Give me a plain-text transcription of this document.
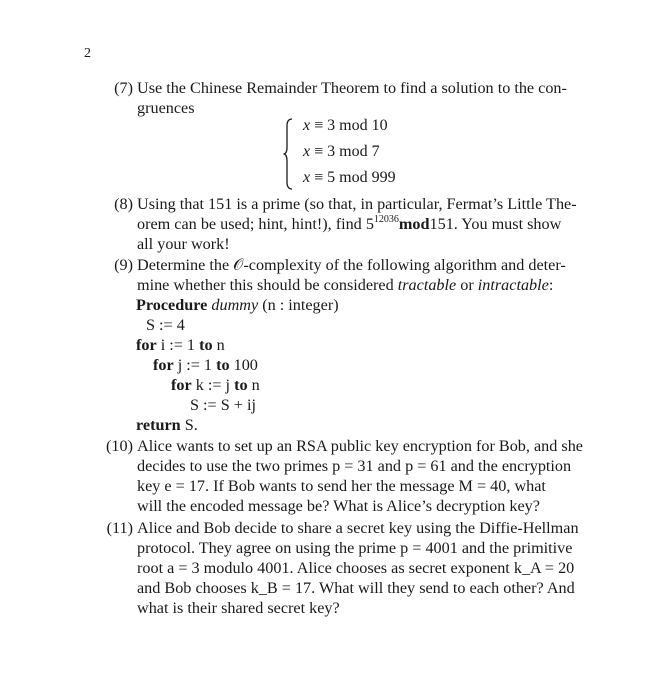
2
(7) Use the Chinese Remainder Theorem to find a solution to the con-
gruences
x ≡ 3 mod 10
x ≡ 3 mod 7
x ≡ 5 mod 999
(8) Using that 151 is a prime (so that, in particular, Fermat’s Little The-
orem can be used; hint, hint!), find $5^{12036}mod151$. You must show
all your work!
(9) Determine the 𝒪-complexity of the following algorithm and deter-
mine whether this should be considered tractable or intractable:
Procedure dummy (n : integer)
S := 4
for i := 1 to n
for j := 1 to 100
for k := j to n
S := S + ij
return S.
(10) Alice wants to set up an RSA public key encryption for Bob, and she
decides to use the two primes p = 31 and p = 61 and the encryption
key e = 17. If Bob wants to send her the message M = 40, what
will the encoded message be? What is Alice’s decryption key?
(11) Alice and Bob decide to share a secret key using the Diffie-Hellman
protocol. They agree on using the prime p = 4001 and the primitive
root a = 3 modulo 4001. Alice chooses as secret exponent k_A = 20
and Bob chooses k_B = 17. What will they send to each other? And
what is their shared secret key?
